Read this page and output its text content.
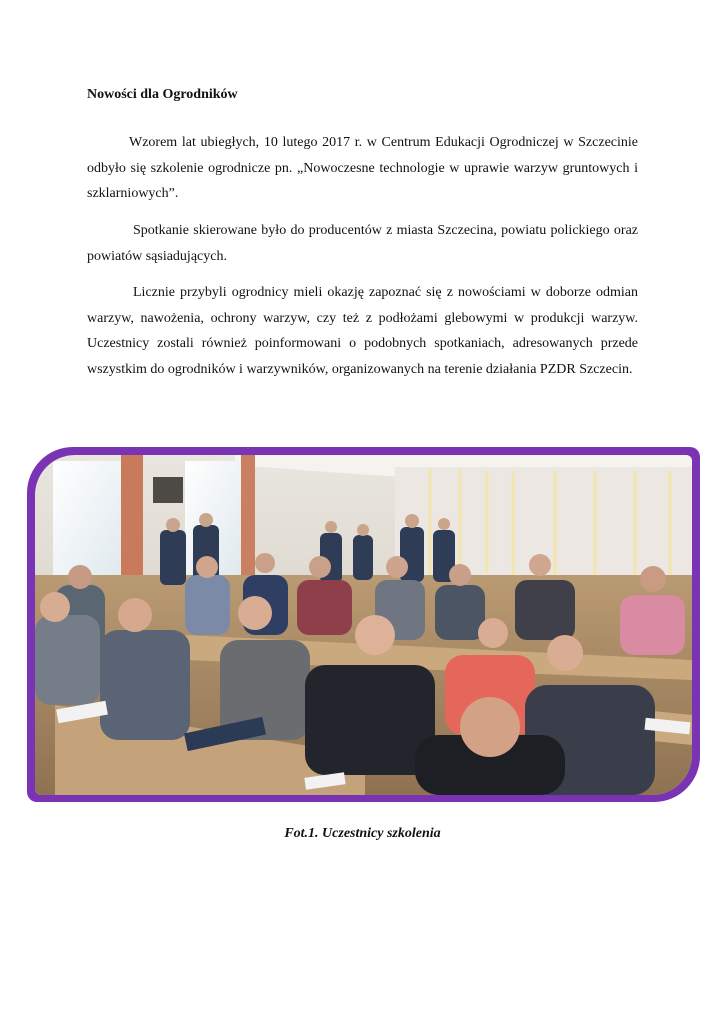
Nowości dla Ogrodników

Wzorem lat ubiegłych, 10 lutego 2017 r. w Centrum Edukacji Ogrodniczej w Szczecinie odbyło się szkolenie ogrodnicze pn. „Nowoczesne technologie w uprawie warzyw gruntowych i szklarniowych”.

Spotkanie skierowane było do producentów z miasta Szczecina, powiatu polickiego oraz powiatów sąsiadujących.

Licznie przybyli ogrodnicy mieli okazję zapoznać się z nowościami w doborze odmian warzyw, nawożenia, ochrony warzyw, czy też z podłożami glebowymi w produkcji warzyw. Uczestnicy zostali również poinformowani o podobnych spotkaniach, adresowanych przede wszystkim do ogrodników i warzywników, organizowanych na terenie działania PZDR Szczecin.

Fot.1. Uczestnicy szkolenia
